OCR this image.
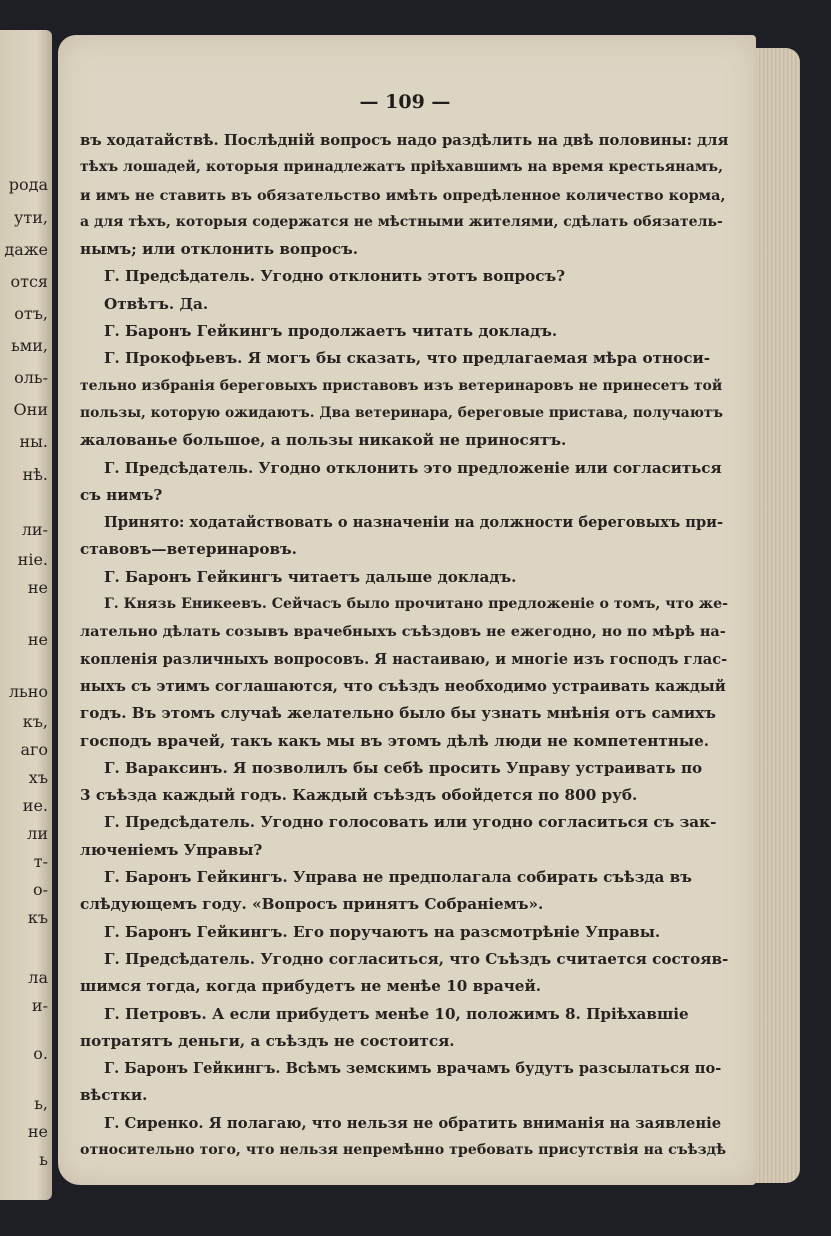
рода

ути,

даже

отся

отъ,

ьми,

оль-

Они

ны.

нѣ.

ли-

ніе.

не

не

льно

къ,

аго

хъ

ие.

ли

т-

о-

къ

ла

и-

о.

ь,

не

ь

— 109 —

въ ходатайствѣ. Послѣдній вопросъ надо раздѣлить на двѣ половины: для

тѣхъ лошадей, которыя принадлежатъ пріѣхавшимъ на время крестьянамъ,

и имъ не ставить въ обязательство имѣть опредѣленное количество корма,

а для тѣхъ, которыя содержатся не мѣстными жителями, сдѣлать обязатель-

нымъ; или отклонить вопросъ.

Г. Предсѣдатель. Угодно отклонить этотъ вопросъ?

Отвѣтъ. Да.

Г. Баронъ Гейкингъ продолжаетъ читать докладъ.

Г. Прокофьевъ. Я могъ бы сказать, что предлагаемая мѣра относи-

тельно избранія береговыхъ приставовъ изъ ветеринаровъ не принесетъ той

пользы, которую ожидаютъ. Два ветеринара, береговые пристава, получаютъ

жалованье большое, а пользы никакой не приносятъ.

Г. Предсѣдатель. Угодно отклонить это предложеніе или согласиться

съ нимъ?

Принято: ходатайствовать о назначеніи на должности береговыхъ при-

ставовъ—ветеринаровъ.

Г. Баронъ Гейкингъ читаетъ дальше докладъ.

Г. Князь Еникеевъ. Сейчасъ было прочитано предложеніе о томъ, что же-

лательно дѣлать созывъ врачебныхъ съѣздовъ не ежегодно, но по мѣрѣ на-

копленія различныхъ вопросовъ. Я настаиваю, и многіе изъ господъ глас-

ныхъ съ этимъ соглашаются, что съѣздъ необходимо устраивать каждый

годъ. Въ этомъ случаѣ желательно было бы узнать мнѣнія отъ самихъ

господъ врачей, такъ какъ мы въ этомъ дѣлѣ люди не компетентные.

Г. Вараксинъ. Я позволилъ бы себѣ просить Управу устраивать по

3 съѣзда каждый годъ. Каждый съѣздъ обойдется по 800 руб.

Г. Предсѣдатель. Угодно голосовать или угодно согласиться съ зак-

люченіемъ Управы?

Г. Баронъ Гейкингъ. Управа не предполагала собирать съѣзда въ

слѣдующемъ году. «Вопросъ принятъ Собраніемъ».

Г. Баронъ Гейкингъ. Его поручаютъ на разсмотрѣніе Управы.

Г. Предсѣдатель. Угодно согласиться, что Съѣздъ считается состояв-

шимся тогда, когда прибудетъ не менѣе 10 врачей.

Г. Петровъ. А если прибудетъ менѣе 10, положимъ 8. Пріѣхавшіе

потратятъ деньги, а съѣздъ не состоится.

Г. Баронъ Гейкингъ. Всѣмъ земскимъ врачамъ будутъ разсылаться по-

вѣстки.

Г. Сиренко. Я полагаю, что нельзя не обратить вниманія на заявленіе

относительно того, что нельзя непремѣнно требовать присутствія на съѣздѣ
